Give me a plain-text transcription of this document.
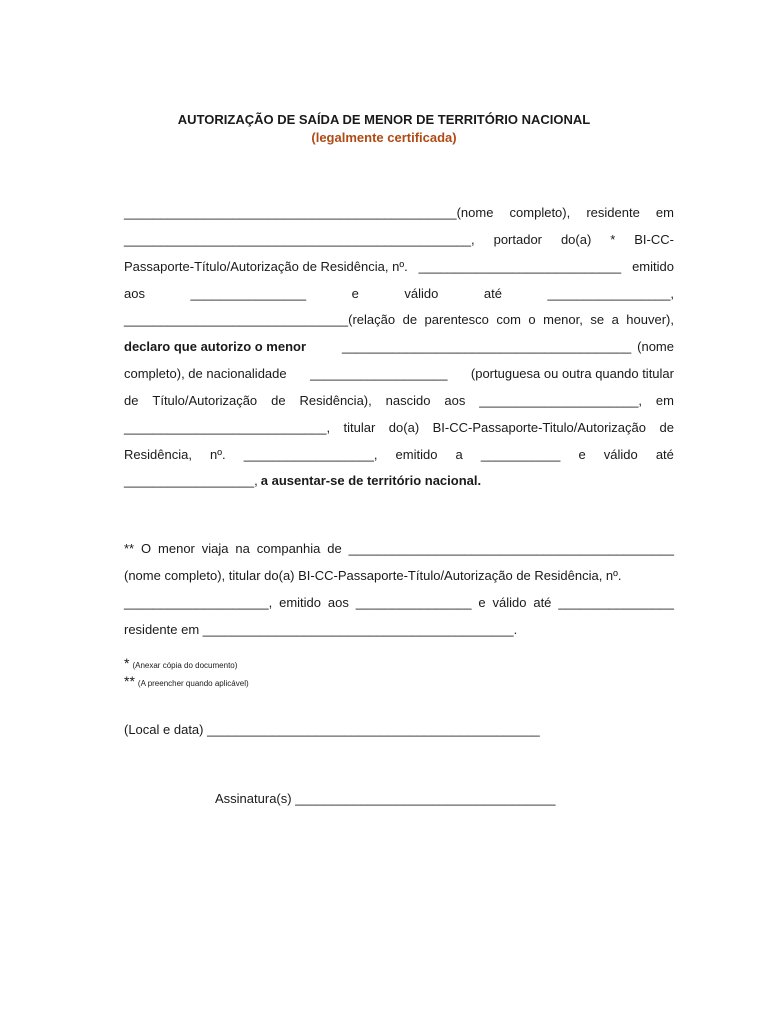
AUTORIZAÇÃO DE SAÍDA DE MENOR DE TERRITÓRIO NACIONAL
(legalmente certificada)
______________________________________________(nome completo), residente em
________________________________________________, portador do(a) * BI-CC-
Passaporte-Título/Autorização de Residência, nº. ____________________________ emitido
aos	________________	e	válido	até	_________________,
_______________________________(relação de parentesco com o menor, se a houver),
declaro que autorizo o menor	________________________________________ (nome
completo), de nacionalidade ___________________ (portuguesa ou outra quando titular
de Título/Autorização de Residência), nascido aos ______________________, em
____________________________, titular do(a) BI-CC-Passaporte-Titulo/Autorização de
Residência, nº. __________________, emitido a ___________ e válido até
__________________, a ausentar-se de território nacional.
** O menor viaja na companhia de _____________________________________________
(nome completo), titular do(a) BI-CC-Passaporte-Título/Autorização de Residência, nº.
____________________, emitido aos ________________ e válido até ________________
residente em ___________________________________________.
* (Anexar cópia do documento)
** (A preencher quando aplicável)
(Local e data) ______________________________________________
Assinatura(s) ____________________________________
